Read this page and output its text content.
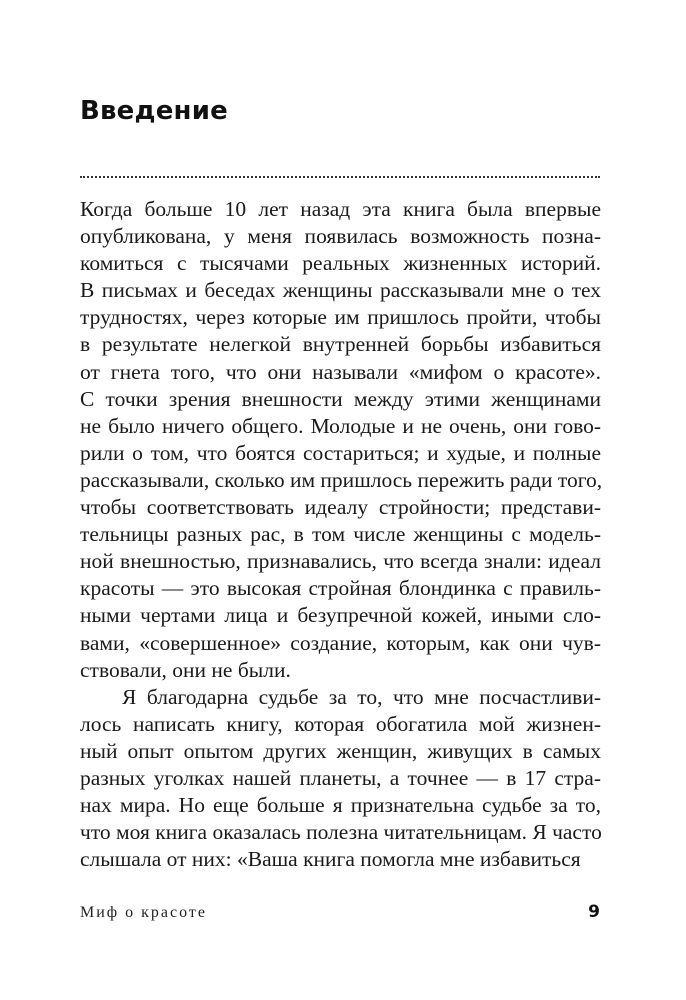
Введение
Когда больше 10 лет назад эта книга была впервые
опубликована, у меня появилась возможность позна-
комиться с тысячами реальных жизненных историй.
В письмах и беседах женщины рассказывали мне о тех
трудностях, через которые им пришлось пройти, чтобы
в результате нелегкой внутренней борьбы избавиться
от гнета того, что они называли «мифом о красоте».
С точки зрения внешности между этими женщинами
не было ничего общего. Молодые и не очень, они гово-
рили о том, что боятся состариться; и худые, и полные
рассказывали, сколько им пришлось пережить ради того,
чтобы соответствовать идеалу стройности; представи-
тельницы разных рас, в том числе женщины с модель-
ной внешностью, признавались, что всегда знали: идеал
красоты — это высокая стройная блондинка с правиль-
ными чертами лица и безупречной кожей, иными сло-
вами, «совершенное» создание, которым, как они чув-
ствовали, они не были.
Я благодарна судьбе за то, что мне посчастливи-
лось написать книгу, которая обогатила мой жизнен-
ный опыт опытом других женщин, живущих в самых
разных уголках нашей планеты, а точнее — в 17 стра-
нах мира. Но еще больше я признательна судьбе за то,
что моя книга оказалась полезна читательницам. Я часто
слышала от них: «Ваша книга помогла мне избавиться
Миф о красоте	9
